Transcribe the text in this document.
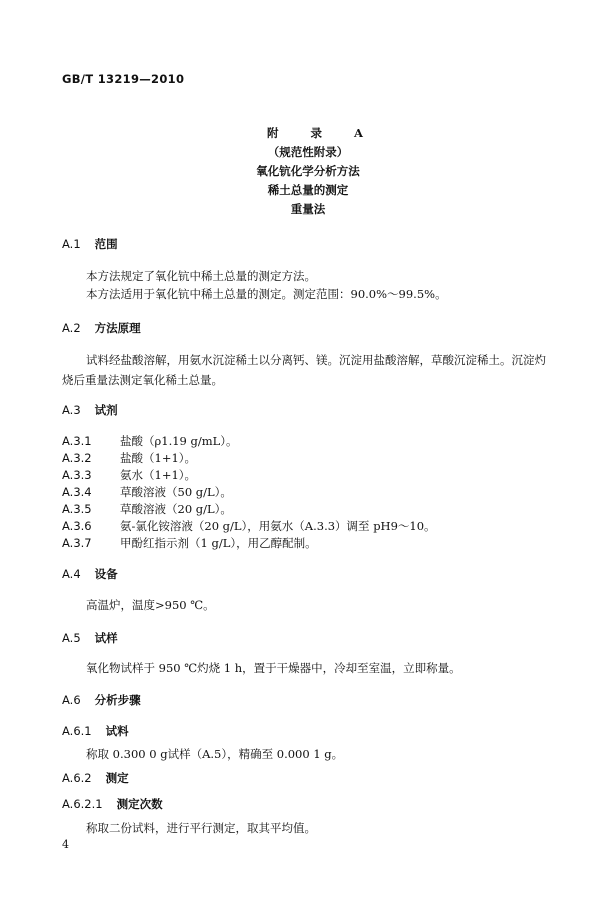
GB/T 13219—2010
附 录 A
（规范性附录）
氧化钪化学分析方法
稀土总量的测定
重量法
A.1 范围
本方法规定了氧化钪中稀土总量的测定方法。
本方法适用于氧化钪中稀土总量的测定。测定范围：90.0%～99.5%。
A.2 方法原理
试料经盐酸溶解，用氨水沉淀稀土以分离钙、镁。沉淀用盐酸溶解，草酸沉淀稀土。沉淀灼烧后重量法测定氧化稀土总量。
A.3 试剂
A.3.1 盐酸（ρ1.19 g/mL）。
A.3.2 盐酸（1+1）。
A.3.3 氨水（1+1）。
A.3.4 草酸溶液（50 g/L）。
A.3.5 草酸溶液（20 g/L）。
A.3.6 氨-氯化铵溶液（20 g/L），用氨水（A.3.3）调至 pH9～10。
A.3.7 甲酚红指示剂（1 g/L），用乙醇配制。
A.4 设备
高温炉，温度>950 ℃。
A.5 试样
氧化物试样于 950 ℃灼烧 1 h，置于干燥器中，冷却至室温，立即称量。
A.6 分析步骤
A.6.1 试料
称取 0.300 0 g试样（A.5），精确至 0.000 1 g。
A.6.2 测定
A.6.2.1 测定次数
称取二份试料，进行平行测定，取其平均值。
4
